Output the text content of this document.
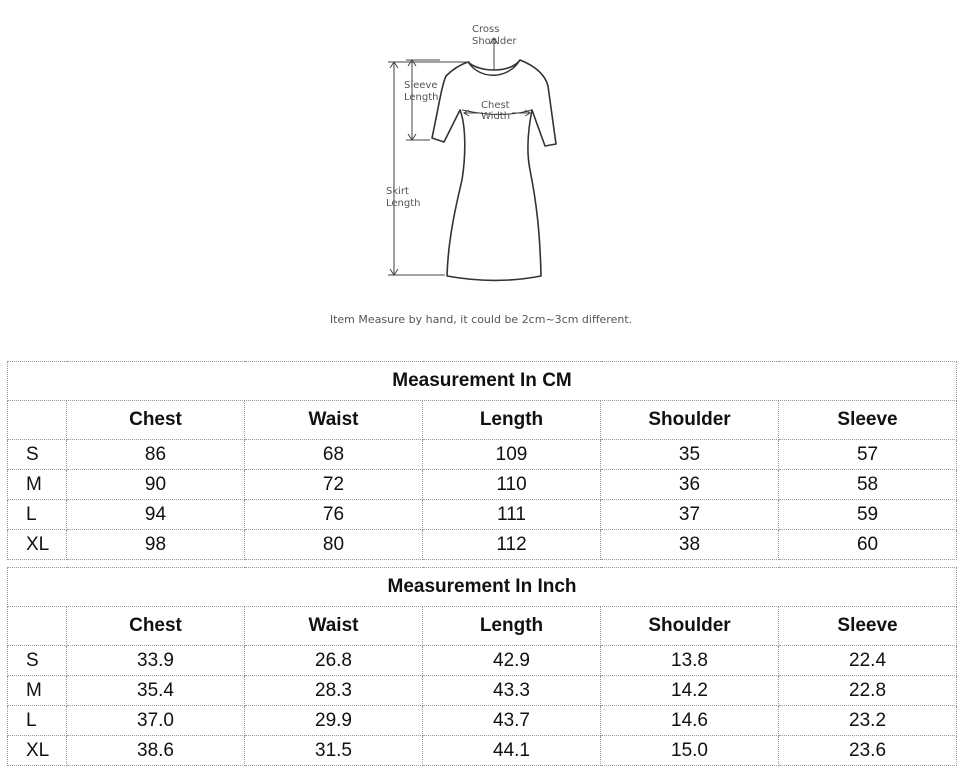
Cross
Shoulder
Sleeve
Length
Chest
Width
Skirt
Length
Item Measure by hand, it could be 2cm~3cm different.
Measurement In CM					
	Chest	Waist	Length	Shoulder	Sleeve
S	86	68	109	35	57
M	90	72	110	36	58
L	94	76	111	37	59
XL	98	80	112	38	60
Measurement In Inch					
	Chest	Waist	Length	Shoulder	Sleeve
S	33.9	26.8	42.9	13.8	22.4
M	35.4	28.3	43.3	14.2	22.8
L	37.0	29.9	43.7	14.6	23.2
XL	38.6	31.5	44.1	15.0	23.6
